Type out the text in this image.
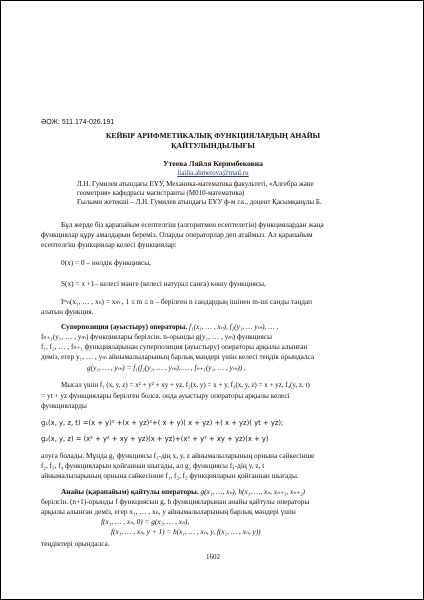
ӘОЖ: 511.174-026.191
КЕЙБІР АРИФМЕТИКАЛЫҚ ФУНКЦИЯЛАРДЫҢ АНАЙЫ
ҚАЙТУЛЫНДЫЛЫҒЫ
Утеева Ляйля Керимбековна
liailia.ahmetova@mail.ru
Л.Н. Гумилев атындағы ЕҰУ, Механика-математика факультеті, «Алгебра және
геометрия» кафедрасы магистранты (М010-математика)
Ғылыми жетекші – Л.Н. Гумилев атындағы ЕҰУ ф-м г.к., доцент Қасымқанұлы Б.
Бұл жерде біз қарапайым есептелгіш (алгоритмен есептелетін) функциялардан жаңа
функциялар құру амалдарын береміз. Оларды операторлар деп атаймыз. Ал қарапайым
есептелгіш функциялар келесі функциялар:
0(x) = 0 – нөлдік функциясы,
S(x) = x +1– келесі мәнге (келесі натурал санға) көшу функциясы,
Iᵐₙ(x₁, … , xₙ) = xₘ , 1 ≤ m ≤ n – берілген n сандардың ішінен m-ші санды таңдап
алатын функция.
Суперпозиция (ауыстыру) операторы. f₁(x₁, … , xₙ), f₂(y₁, … yₘ), … ,
fₙ₊₁(y₁, … , yₘ) функциялары берілсін. n-орынды g(y₁, … , yₘ) функциясы
f₁, f₂, … , fₙ₊₁ функцияларынан суперпозиция (ауыстыру) операторы арқылы алынған
деміз, егер y₁, … , yₘ айнымалыларының барлық мәндері үшін келесі теңдік орындалса
g(y₁, … , yₘ) = f₁(f₂(y₁, … , yₘ), … , fₙ₊₁(y₁, … , yₘ)) .
Мысал үшін f₁ (x, y, z) = x² + y² + xy + yz, f₂(x, y) = x + y, f₃(x, y, z) = x + yz, f₄(y, z, t)
= yt + yz функциялары берілген болса, онда ауыстыру операторы арқылы келесі
функцияларды
g₁(x, y, z, t) =(x + y)² +(x + yz)²+( x + y)( x + yz) +( x + yz)( yt + yz);
g₂(x, y, z) = (x² + y² + xy + yz)(x + yz)+(x² + y² + xy + yz)(x + y)
алуға болады. Мұнда g₁ функциясы f₁-дің x, y, z айнымалыларының орнына сәйкесінше
f₂, f₃, f₄ функцияларын қойғаннан шығады, ал g₂ функциясы f₄-дің y, z, t
айнымалыларының орнына сәйкесінше f₁, f₂, f₃ функцияларын қойғаннан шығады.
Анайы (қарапайым) қайтулы операторы. g(x₁, …, xₙ), h(x₁, …, xₙ, xₙ₊₁, xₙ₊₂)
берілсін. (n+1)-орынды f функциясын g, h функцияларынан анайы қайтулы операторы
арқылы алынған деміз, егер x₁, … , xₙ, y айнымалыларының барлық мәндері үшін
f(x₁, … , xₙ, 0) = g(x₁, … , xₙ),
f(x₁, … , xₙ, y + 1) = h(x₁, … , xₙ, y, f(x₁, … , xₙ, y))
теңдіктері орындалса.
1602
